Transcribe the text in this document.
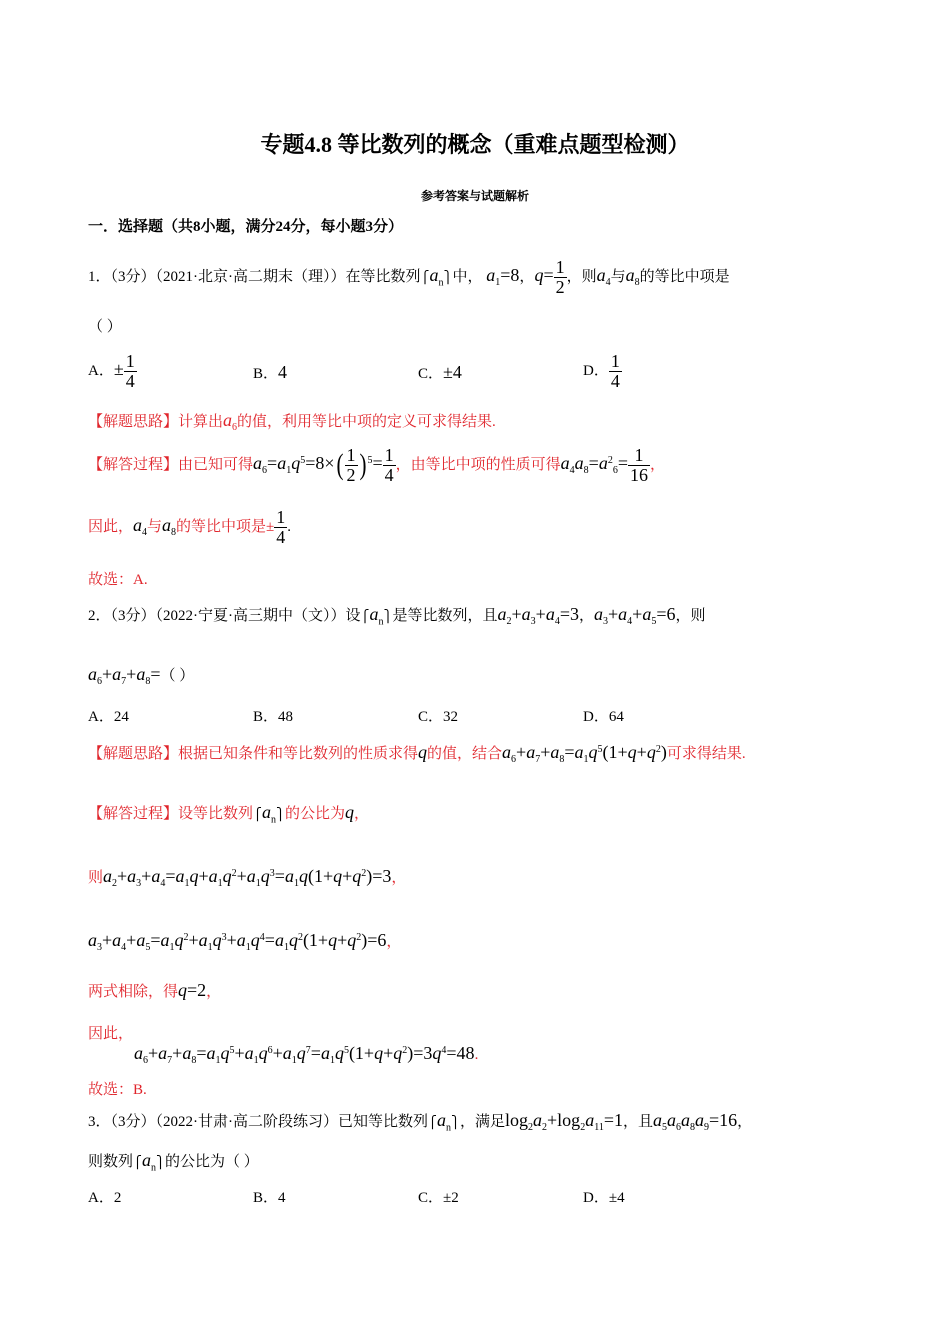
专题4.8 等比数列的概念（重难点题型检测）
参考答案与试题解析
一．选择题（共8小题，满分24分，每小题3分）
1．（3分）（2021·北京·高二期末（理））在等比数列$⎧a_n⎫$中， $a_1=8$，$q= \frac{1}{2}$ ，则$a_4$与$a_8$的等比中项是
（ ）
A．± $\frac{1}{4}$	B．4	C．±4	D． $\frac{1}{4}$
【解题思路】计算出$a_6$的值，利用等比中项的定义可求得结果.
【解答过程】由已知可得$a_6=a_1q^5=8\times( \frac{1}{2}$ ) $^5= \frac{1}{4}$ ，由等比中项的性质可得$a_4a_8=a^2_6= \frac{1}{16}$ ，
因此，$a_4$与$a_8$的等比中项是± $\frac{1}{4}$ .
故选：A.
2．（3分）（2022·宁夏·高三期中（文））设$⎧a_n⎫$是等比数列，且$a_2+a_3+a_4=3$，$a_3+a_4+a_5=6$，则
$a_6+a_7+a_8=$（ ）
A．24	B．48	C．32	D．64
【解题思路】根据已知条件和等比数列的性质求得q的值，结合$a_6+a_7+a_8=a_1q^5(1+q+q^2)$可求得结果.
【解答过程】设等比数列$⎧a_n⎫$的公比为q，
则$a_2+a_3+a_4=a_1q+a_1q^2+a_1q^3=a_1q(1+q+q^2)=3$，
$a_3+a_4+a_5=a_1q^2+a_1q^3+a_1q^4=a_1q^2(1+q+q^2)=6$，
两式相除，得q=2，
因此，
$a_6+a_7+a_8=a_1q^5+a_1q^6+a_1q^7=a_1q^5(1+q+q^2)=3q^4=48$.
故选：B.
3．（3分）（2022·甘肃·高二阶段练习）已知等比数列$⎧a_n⎫$，满足$\log_2a_2+\log_2a_{11}=1$，且$a_5a_6a_8a_9=16$，
则数列$⎧a_n⎫$的公比为（ ）
A．2	B．4	C．±2	D．±4
